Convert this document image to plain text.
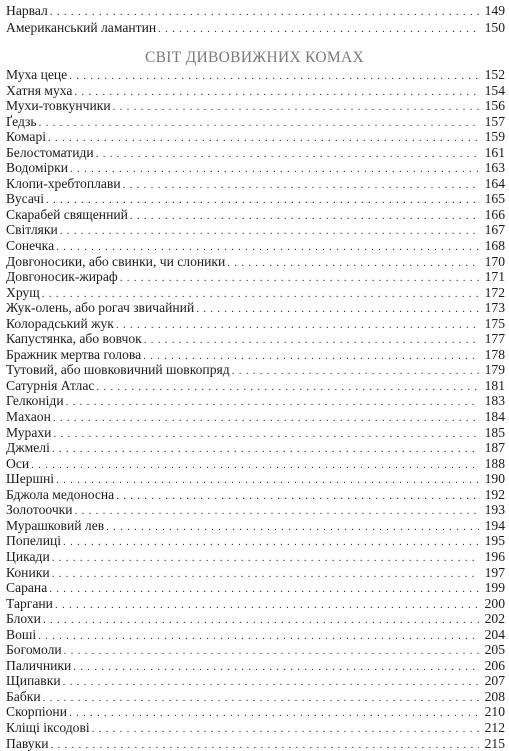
Нарвал . . .	149
Американський ламантин . . .	150
СВІТ ДИВОВИЖНИХ КОМАХ
Муха цеце . . .	152
Хатня муха . . .	154
Мухи-товкунчики . . .	156
Ґедзь . . .	157
Комарі . . .	159
Белостоматиди . . .	161
Водомірки . . .	163
Клопи-хребтоплави . . .	164
Вусачі . . .	165
Скарабей священний . . .	166
Світляки . . .	167
Сонечка . . .	168
Довгоносики, або свинки, чи слоники . . .	170
Довгоносик-жираф . . .	171
Хрущ . . .	172
Жук-олень, або рогач звичайний . . .	173
Колорадський жук . . .	175
Капустянка, або вовчок . . .	177
Бражник мертва голова . . .	178
Тутовий, або шовковичний шовкопряд . . .	179
Сатурнія Атлас . . .	181
Гелконіди . . .	183
Махаон . . .	184
Мурахи . . .	185
Джмелі . . .	187
Оси . . .	188
Шершні . . .	190
Бджола медоносна . . .	192
Золотоочки . . .	193
Мурашковий лев . . .	194
Попелиці . . .	195
Цикади . . .	196
Коники . . .	197
Сарана . . .	199
Таргани . . .	200
Блохи . . .	202
Воші . . .	204
Богомоли . . .	205
Паличники . . .	206
Щипавки . . .	207
Бабки . . .	208
Скорпіони . . .	210
Кліщі іксодові . . .	212
Павуки . . .	215
